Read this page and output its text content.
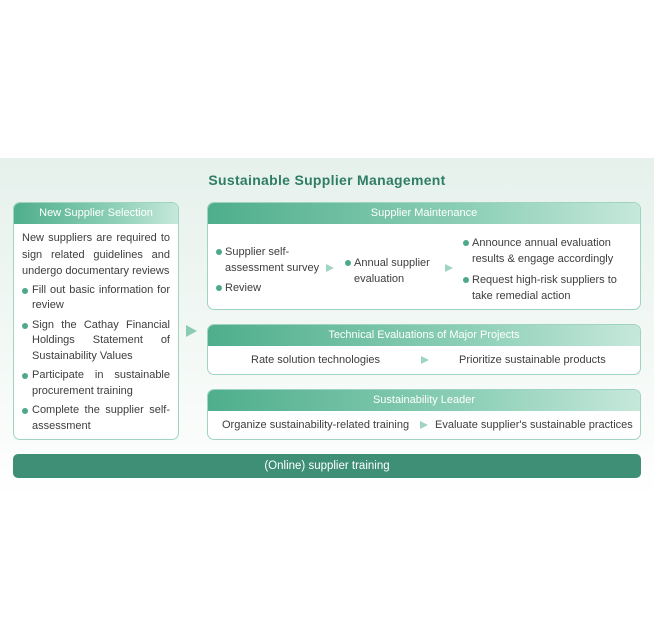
Sustainable Supplier Management
New Supplier Selection
New suppliers are required to sign related guidelines and undergo documentary reviews
Fill out basic information for review
Sign the Cathay Financial Holdings Statement of Sustainability Values
Participate in sustainable procurement training
Complete the supplier self-assessment
Supplier Maintenance
Supplier self-assessment survey
Review
Annual supplier evaluation
Announce annual evaluation results & engage accordingly
Request high-risk suppliers to take remedial action
Technical Evaluations of Major Projects
Rate solution technologies	Prioritize sustainable products
Sustainability Leader
Organize sustainability-related training Evaluate supplier's sustainable practices
(Online) supplier training
